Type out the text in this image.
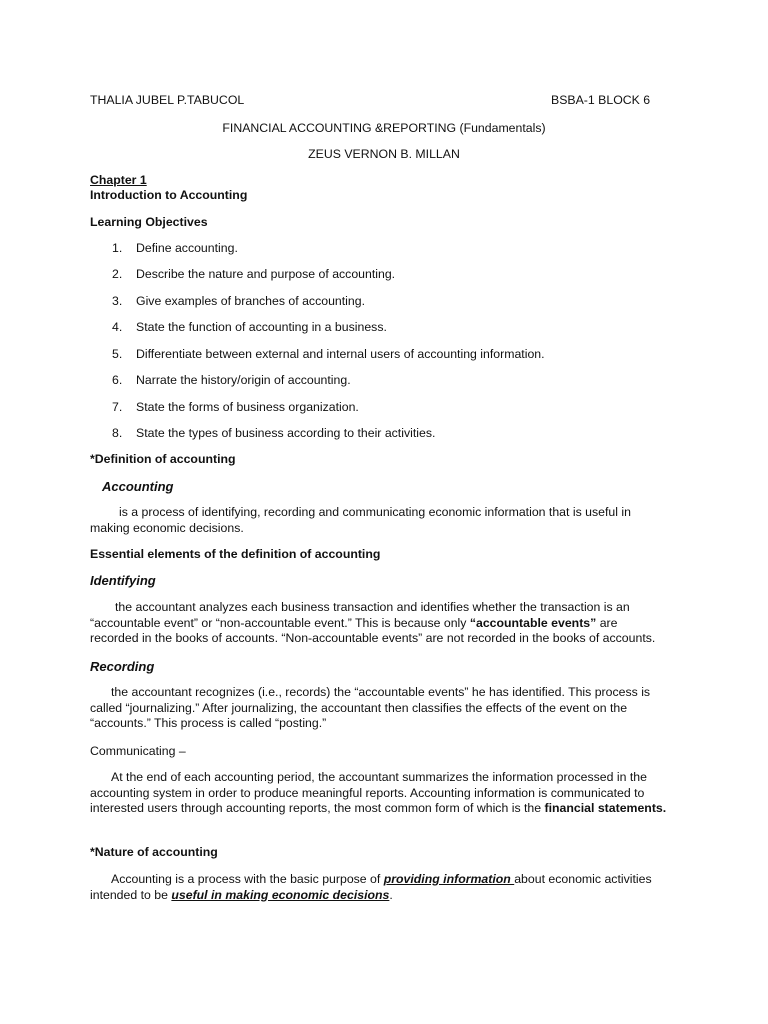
THALIA JUBEL P.TABUCOL	BSBA-1 BLOCK 6
FINANCIAL ACCOUNTING &REPORTING (Fundamentals)
ZEUS VERNON B. MILLAN
Chapter 1
Introduction to Accounting
Learning Objectives
1. Define accounting.
2. Describe the nature and purpose of accounting.
3. Give examples of branches of accounting.
4. State the function of accounting in a business.
5. Differentiate between external and internal users of accounting information.
6. Narrate the history/origin of accounting.
7. State the forms of business organization.
8. State the types of business according to their activities.
*Definition of accounting
Accounting
is a process of identifying, recording and communicating economic information that is useful in making economic decisions.
Essential elements of the definition of accounting
Identifying
the accountant analyzes each business transaction and identifies whether the transaction is an “accountable event” or “non-accountable event.” This is because only “accountable events” are recorded in the books of accounts. “Non-accountable events” are not recorded in the books of accounts.
Recording
the accountant recognizes (i.e., records) the “accountable events” he has identified. This process is called “journalizing.” After journalizing, the accountant then classifies the effects of the event on the “accounts.” This process is called “posting.”
Communicating –
At the end of each accounting period, the accountant summarizes the information processed in the accounting system in order to produce meaningful reports. Accounting information is communicated to interested users through accounting reports, the most common form of which is the financial statements.
*Nature of accounting
Accounting is a process with the basic purpose of providing information about economic activities intended to be useful in making economic decisions.
